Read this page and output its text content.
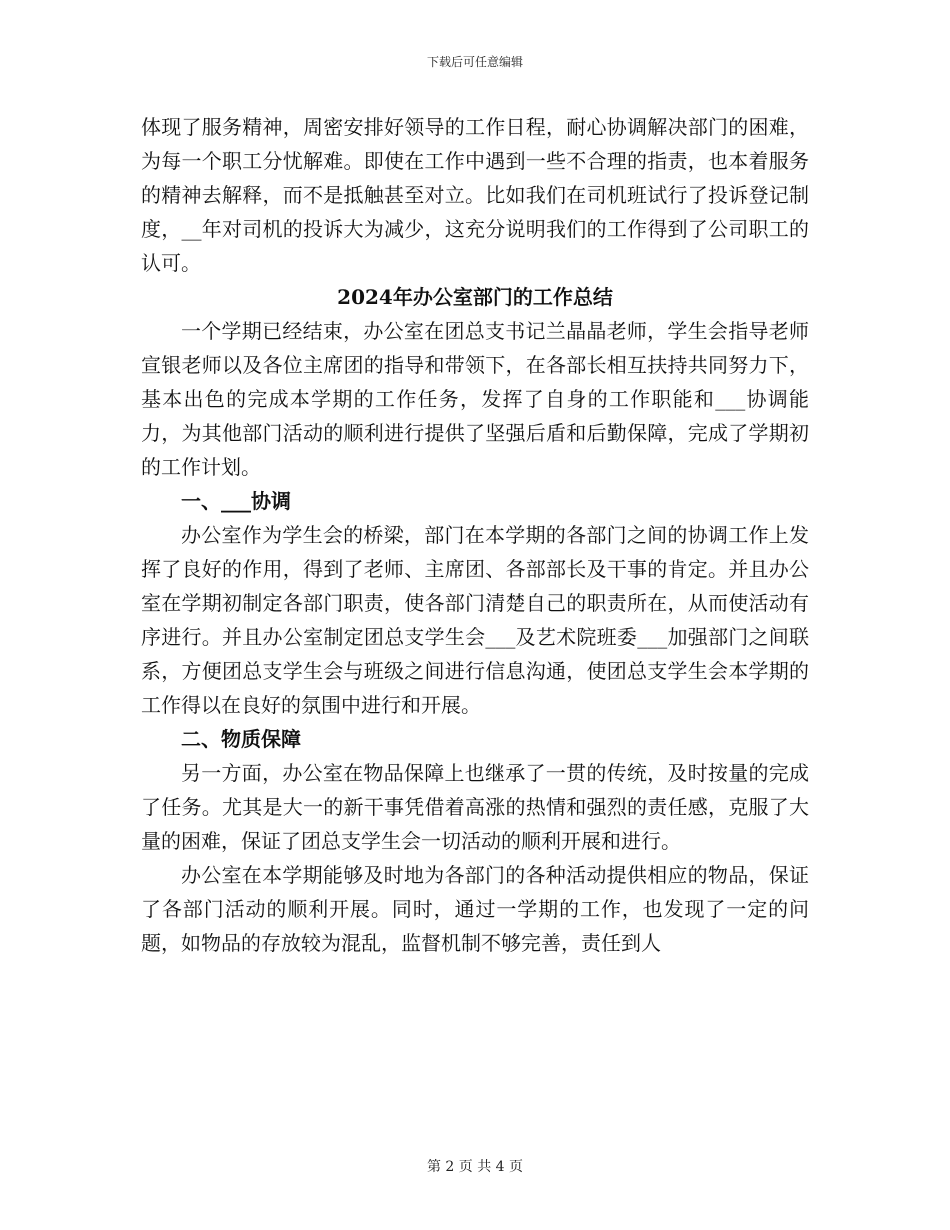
下载后可任意编辑

体现了服务精神，周密安排好领导的工作日程，耐心协调解决部门的困难，为每一个职工分忧解难。即使在工作中遇到一些不合理的指责，也本着服务的精神去解释，而不是抵触甚至对立。比如我们在司机班试行了投诉登记制度，__年对司机的投诉大为减少，这充分说明我们的工作得到了公司职工的认可。

2024年办公室部门的工作总结

一个学期已经结束，办公室在团总支书记兰晶晶老师，学生会指导老师宣银老师以及各位主席团的指导和带领下，在各部长相互扶持共同努力下，基本出色的完成本学期的工作任务，发挥了自身的工作职能和___协调能力，为其他部门活动的顺利进行提供了坚强后盾和后勤保障，完成了学期初的工作计划。

一、___协调

办公室作为学生会的桥梁，部门在本学期的各部门之间的协调工作上发挥了良好的作用，得到了老师、主席团、各部部长及干事的肯定。并且办公室在学期初制定各部门职责，使各部门清楚自己的职责所在，从而使活动有序进行。并且办公室制定团总支学生会___及艺术院班委___加强部门之间联系，方便团总支学生会与班级之间进行信息沟通，使团总支学生会本学期的工作得以在良好的氛围中进行和开展。

二、物质保障

另一方面，办公室在物品保障上也继承了一贯的传统，及时按量的完成了任务。尤其是大一的新干事凭借着高涨的热情和强烈的责任感，克服了大量的困难，保证了团总支学生会一切活动的顺利开展和进行。

办公室在本学期能够及时地为各部门的各种活动提供相应的物品，保证了各部门活动的顺利开展。同时，通过一学期的工作，也发现了一定的问题，如物品的存放较为混乱，监督机制不够完善，责任到人

第 2 页 共 4 页
